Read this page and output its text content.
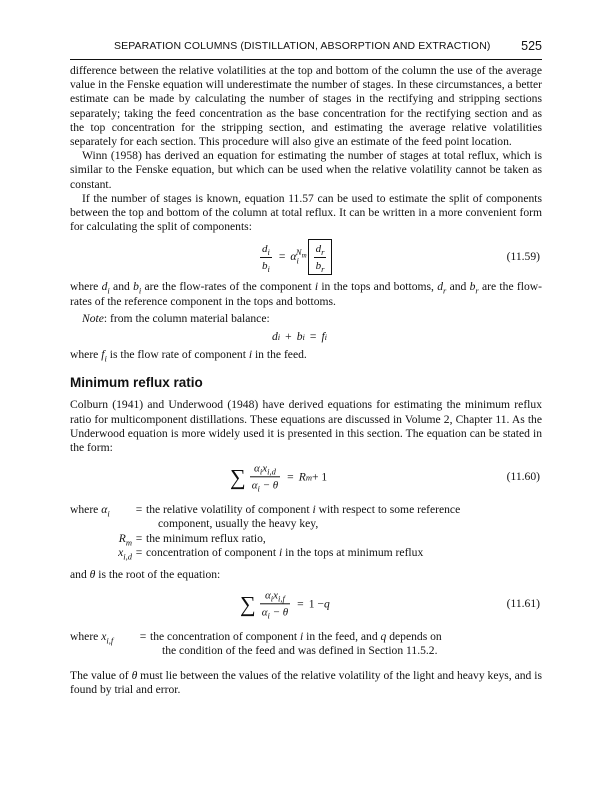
SEPARATION COLUMNS (DISTILLATION, ABSORPTION AND EXTRACTION) 525

difference between the relative volatilities at the top and bottom of the column the use of the average value in the Fenske equation will underestimate the number of stages. In these circumstances, a better estimate can be made by calculating the number of stages in the rectifying and stripping sections separately; taking the feed concentration as the base concentration for the rectifying section and as the top concentration for the stripping section, and estimating the average relative volatilities separately for each section. This procedure will also give an estimate of the feed point location.

Winn (1958) has derived an equation for estimating the number of stages at total reflux, which is similar to the Fenske equation, but which can be used when the relative volatility cannot be taken as constant.

If the number of stages is known, equation 11.57 can be used to estimate the split of components between the top and bottom of the column at total reflux. It can be written in a more convenient form for calculating the split of components:

$\frac{d_i}{b_i} = \alpha_i^{N_m} \frac{d_r}{b_r}$	(11.59)

where $d_i$ and $b_i$ are the flow-rates of the component i in the tops and bottoms, $d_r$ and $b_r$ are the flow-rates of the reference component in the tops and bottoms.

Note: from the column material balance:

d i + b i = f i

where $f_i$ is the flow rate of component i in the feed.

Minimum reflux ratio

Colburn (1941) and Underwood (1948) have derived equations for estimating the minimum reflux ratio for multicomponent distillations. These equations are discussed in Volume 2, Chapter 11. As the Underwood equation is more widely used it is presented in this section. The equation can be stated in the form:

∑ $\frac{\alpha_ix_{i,d}}{\alpha_i - \theta} = R$ m + 1	(11.60)
where $\alpha_i$	= the relative volatility of component i with respect to some reference
component, usually the heavy key,
$R_m$ = the minimum reflux ratio,
$x_{i,d}$ = concentration of component i in the tops at minimum reflux

and θ is the root of the equation:

∑ $\frac{\alpha_ix_{i,f}}{\alpha_i - \theta} = 1 - q$	(11.61)
where $x_{i,f}$	= the concentration of component i in the feed, and q depends on
the condition of the feed and was defined in Section 11.5.2.

The value of θ must lie between the values of the relative volatility of the light and heavy keys, and is found by trial and error.
